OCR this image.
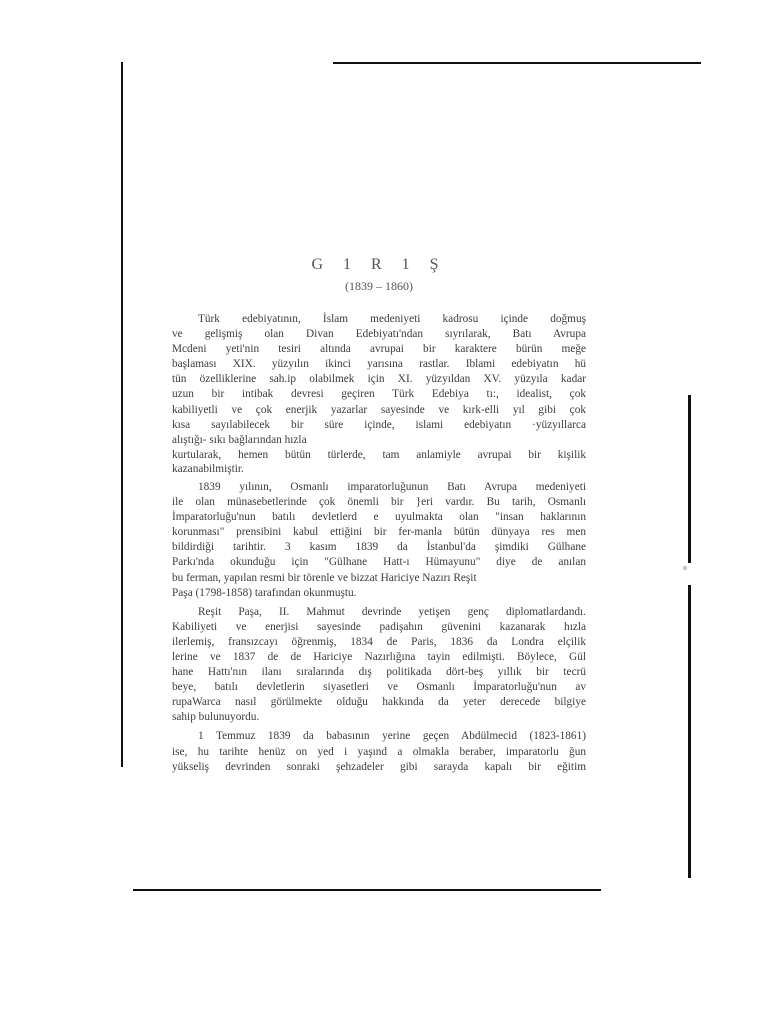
G 1 R 1 Ş
(1839 – 1860)
Türk edebiyatının, İslam medeniyeti kadrosu içinde doğmuş
ve gelişmiş olan Divan Edebiyatı'ndan sıyrılarak, Batı Avrupa
Mcdeni yeti'nin tesiri altında avrupai bir karaktere bürün meğe
başlaması XIX. yüzyılın ikinci yarısına rastlar. Iblami edebiyatın hü
tün özelliklerine sah.ip olabilmek için XI. yüzyıldan XV. yüzyıla kadar
uzun bir intibak devresi geçiren Türk Edebiya tı:, idealist, çok
kabiliyetli ve çok enerjik yazarlar sayesinde ve kırk-elli yıl gibi çok
kısa sayılabilecek bir süre içinde, islami edebiyatın ·yüzyıllarca
alıştığı- sıkı bağlarından hızla
kurtularak, hemen bütün türlerde, tam anlamiyle avrupai bir kişilik
kazanabilmiştir.
1839 yılının, Osmanlı imparatorluğunun Batı Avrupa medeniyeti
ile olan münasebetlerinde çok önemli bir }eri vardır. Bu tarih, Osmanlı
İmparatorluğu'nun batılı devletlerd e uyulmakta olan "insan haklarının
korunması" prensibini kabul ettiğini bir fer-manla bütün dünyaya res men
bildirdiği tarihtir. 3 kasım 1839 da İstanbul'da şimdiki Gülhane
Parkı'nda okunduğu için "Gülhane Hatt-ı Hümayunu" diye de anılan
bu ferman, yapılan resmi bir törenle ve bizzat Hariciye Nazırı Reşit
Paşa (1798-1858) tarafından okunmuştu.
Reşit Paşa, II. Mahmut devrinde yetişen genç diplomatlardandı.
Kabiliyeti ve enerjisi sayesinde padişahın güvenini kazanarak hızla
ilerlemiş, fransızcayı öğrenmiş, 1834 de Paris, 1836 da Londra elçilik
lerine ve 1837 de de Hariciye Nazırlığına tayin edilmişti. Böylece, Gül
hane Hattı'nın ilanı sıralarında dış politikada dört-beş yıllık bir tecrü
beye, batılı devletlerin siyasetleri ve Osmanlı İmparatorluğu'nun av
rupaWarca nasıl görülmekte olduğu hakkında da yeter derecede bilgiye
sahip bulunuyordu.
1 Temmuz 1839 da babasının yerine geçen Abdülmecid (1823-1861)
ise, hu tarihte henüz on yed i yaşınd a olmakla beraber, imparatorlu ğun
yükseliş devrinden sonraki şehzadeler gibi sarayda kapalı bir eğitim
